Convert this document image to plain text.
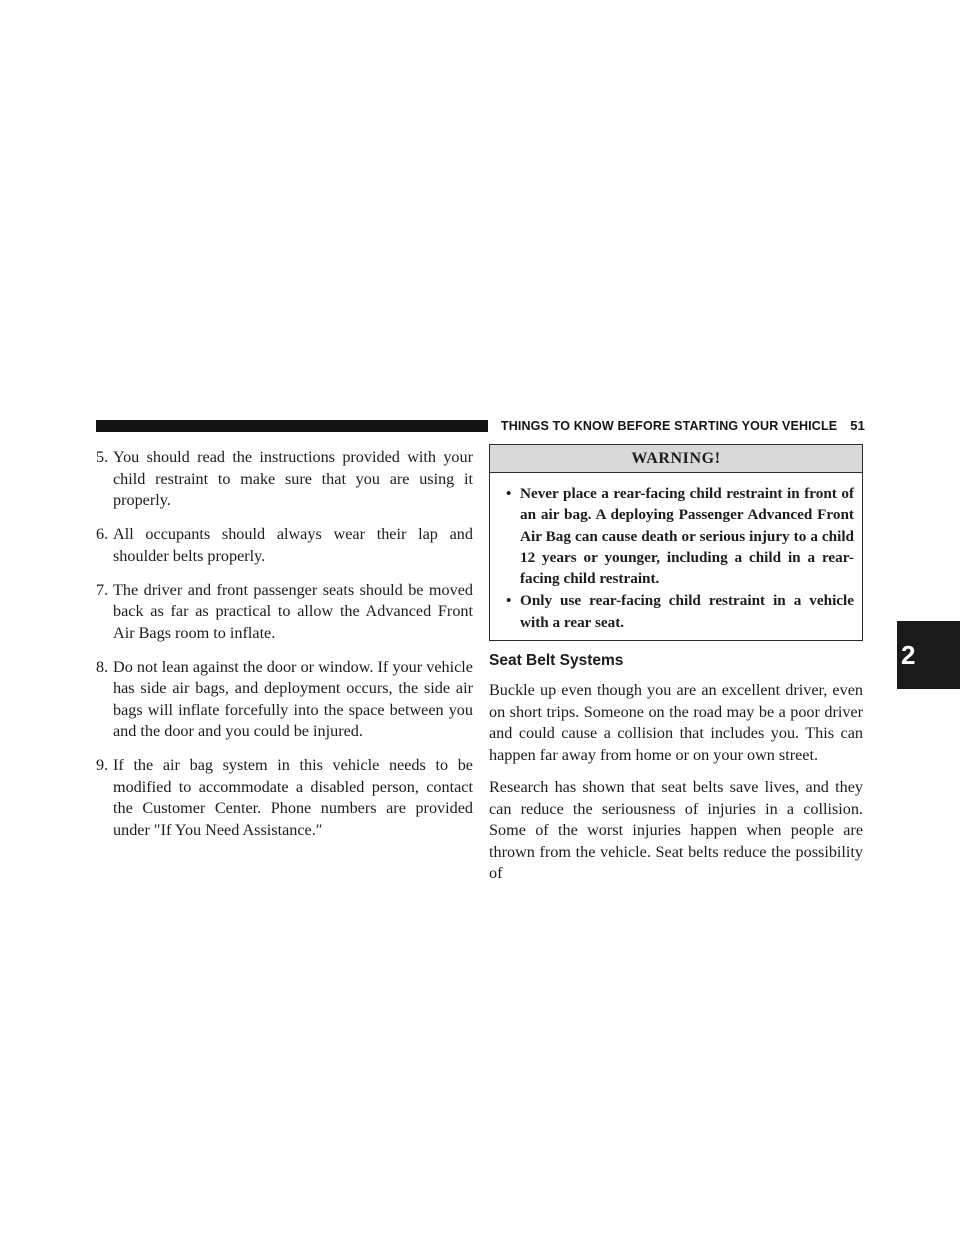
THINGS TO KNOW BEFORE STARTING YOUR VEHICLE 51
2
5. You should read the instructions provided with your child restraint to make sure that you are using it properly.
6. All occupants should always wear their lap and shoulder belts properly.
7. The driver and front passenger seats should be moved back as far as practical to allow the Advanced Front Air Bags room to inflate.
8. Do not lean against the door or window. If your vehicle has side air bags, and deployment occurs, the side air bags will inflate forcefully into the space between you and the door and you could be injured.
9. If the air bag system in this vehicle needs to be modified to accommodate a disabled person, contact the Customer Center. Phone numbers are provided under ″If You Need Assistance.″
WARNING!
• Never place a rear-facing child restraint in front of an air bag. A deploying Passenger Advanced Front Air Bag can cause death or serious injury to a child 12 years or younger, including a child in a rear-facing child restraint.
• Only use rear-facing child restraint in a vehicle with a rear seat.
Seat Belt Systems

Buckle up even though you are an excellent driver, even on short trips. Someone on the road may be a poor driver and could cause a collision that includes you. This can happen far away from home or on your own street.

Research has shown that seat belts save lives, and they can reduce the seriousness of injuries in a collision. Some of the worst injuries happen when people are thrown from the vehicle. Seat belts reduce the possibility of
